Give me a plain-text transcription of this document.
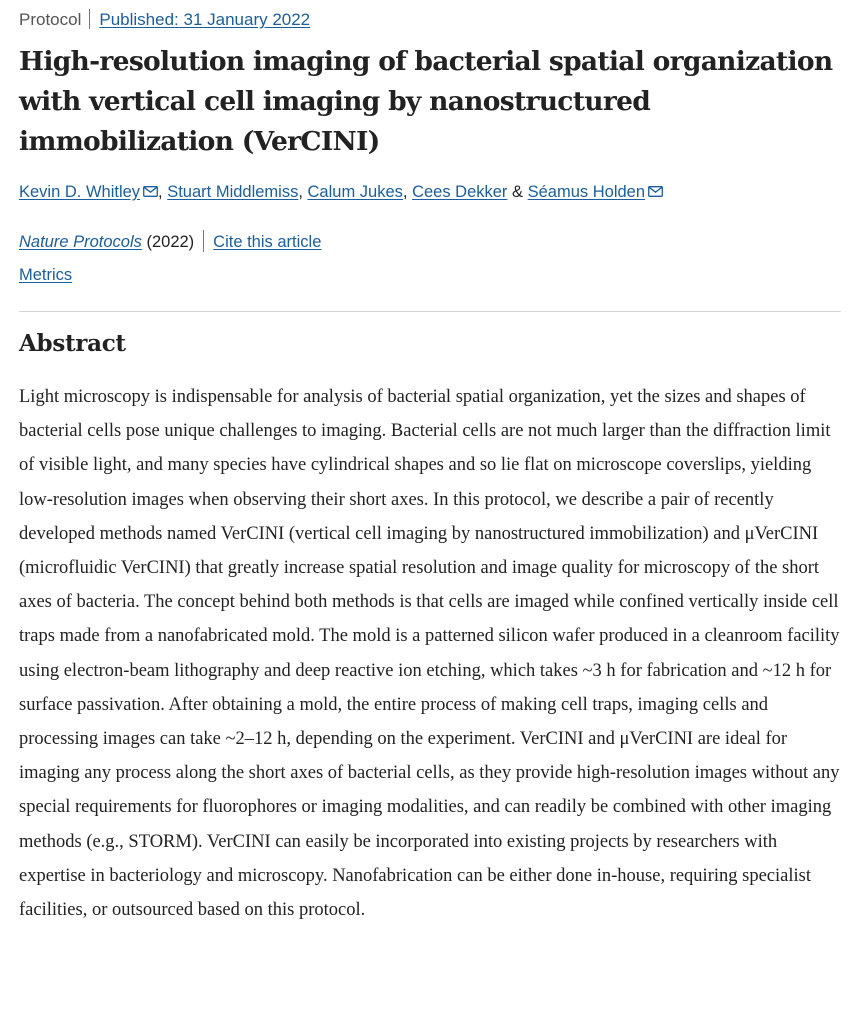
Protocol Published: 31 January 2022
High-resolution imaging of bacterial spatial organization with vertical cell imaging by nanostructured immobilization (VerCINI)
Kevin D. Whitley , Stuart Middlemiss, Calum Jukes, Cees Dekker & Séamus Holden
Nature Protocols (2022) Cite this article
Metrics
Abstract

Light microscopy is indispensable for analysis of bacterial spatial organization, yet the sizes and shapes of bacterial cells pose unique challenges to imaging. Bacterial cells are not much larger than the diffraction limit of visible light, and many species have cylindrical shapes and so lie flat on microscope coverslips, yielding low-resolution images when observing their short axes. In this protocol, we describe a pair of recently developed methods named VerCINI (vertical cell imaging by nanostructured immobilization) and μVerCINI (microfluidic VerCINI) that greatly increase spatial resolution and image quality for microscopy of the short axes of bacteria. The concept behind both methods is that cells are imaged while confined vertically inside cell traps made from a nanofabricated mold. The mold is a patterned silicon wafer produced in a cleanroom facility using electron-beam lithography and deep reactive ion etching, which takes ~3 h for fabrication and ~12 h for surface passivation. After obtaining a mold, the entire process of making cell traps, imaging cells and processing images can take ~2–12 h, depending on the experiment. VerCINI and μVerCINI are ideal for imaging any process along the short axes of bacterial cells, as they provide high-resolution images without any special requirements for fluorophores or imaging modalities, and can readily be combined with other imaging methods (e.g., STORM). VerCINI can easily be incorporated into existing projects by researchers with expertise in bacteriology and microscopy. Nanofabrication can be either done in-house, requiring specialist facilities, or outsourced based on this protocol.
